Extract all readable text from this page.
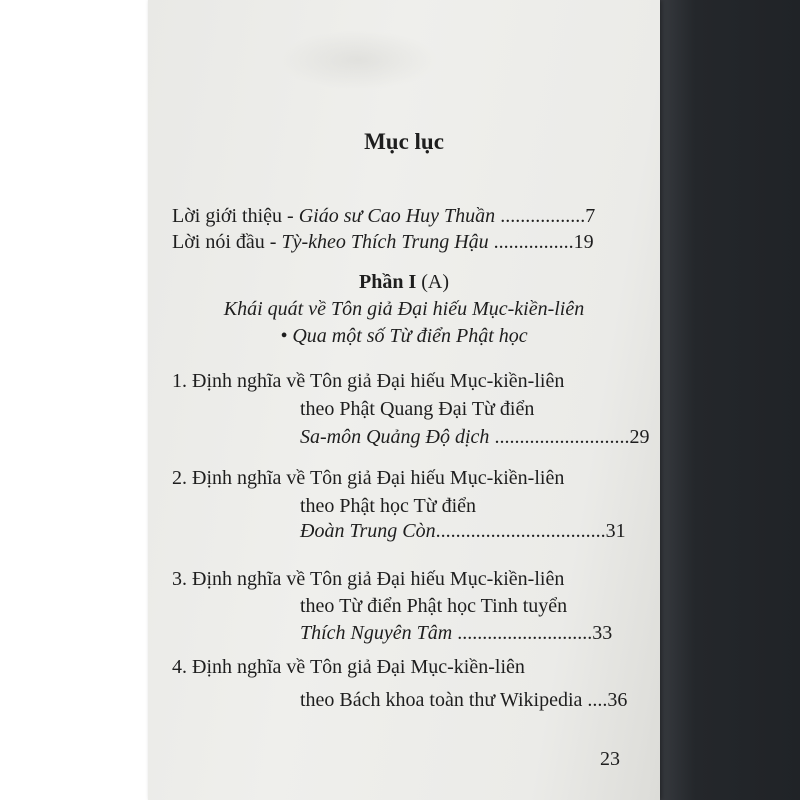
Mục lục
Lời giới thiệu - Giáo sư Cao Huy Thuần .................7
Lời nói đầu - Tỳ-kheo Thích Trung Hậu ................19
Phần I (A)
Khái quát về Tôn giả Đại hiếu Mục-kiền-liên
• Qua một số Từ điển Phật học
1. Định nghĩa về Tôn giả Đại hiếu Mục-kiền-liên
theo Phật Quang Đại Từ điển
Sa-môn Quảng Độ dịch ...........................29
2. Định nghĩa về Tôn giả Đại hiếu Mục-kiền-liên
theo Phật học Từ điển
Đoàn Trung Còn..................................31
3. Định nghĩa về Tôn giả Đại hiếu Mục-kiền-liên
theo Từ điển Phật học Tinh tuyển
Thích Nguyên Tâm ...........................33
4. Định nghĩa về Tôn giả Đại Mục-kiền-liên
theo Bách khoa toàn thư Wikipedia ....36
23
